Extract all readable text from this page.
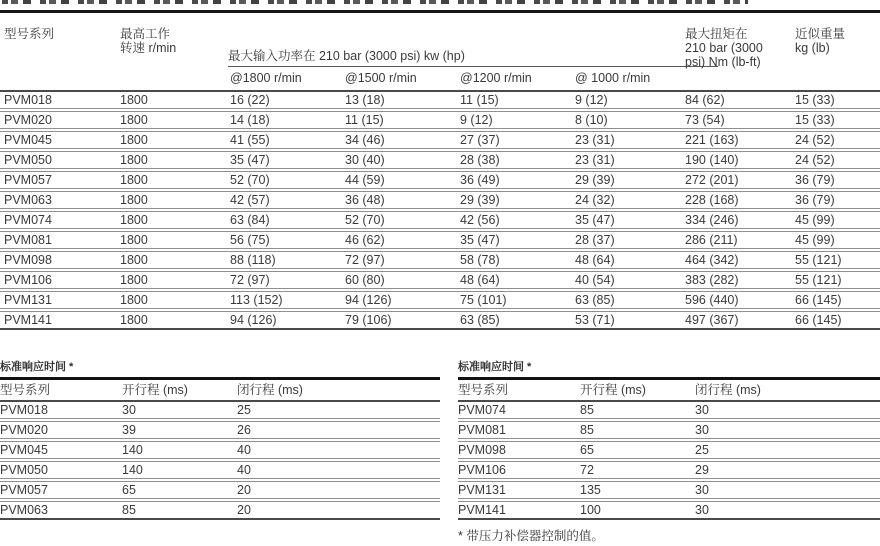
型号系列	最高工作
转速 r/min
最大输入功率在 210 bar (3000 psi) kw (hp)
@1800 r/min	@1500 r/min	@1200 r/min	@ 1000 r/min
最大扭矩在
210 bar (3000
psi) Nm (lb-ft)
近似重量
kg (lb)
PVM018	1800	16 (22)	13 (18)	11 (15)	9 (12)	84 (62)	15 (33)
PVM020	1800	14 (18)	11 (15)	9 (12)	8 (10)	73 (54)	15 (33)
PVM045	1800	41 (55)	34 (46)	27 (37)	23 (31)	221 (163)	24 (52)
PVM050	1800	35 (47)	30 (40)	28 (38)	23 (31)	190 (140)	24 (52)
PVM057	1800	52 (70)	44 (59)	36 (49)	29 (39)	272 (201)	36 (79)
PVM063	1800	42 (57)	36 (48)	29 (39)	24 (32)	228 (168)	36 (79)
PVM074	1800	63 (84)	52 (70)	42 (56)	35 (47)	334 (246)	45 (99)
PVM081	1800	56 (75)	46 (62)	35 (47)	28 (37)	286 (211)	45 (99)
PVM098	1800	88 (118)	72 (97)	58 (78)	48 (64)	464 (342)	55 (121)
PVM106	1800	72 (97)	60 (80)	48 (64)	40 (54)	383 (282)	55 (121)
PVM131	1800	113 (152)	94 (126)	75 (101)	63 (85)	596 (440)	66 (145)
PVM141	1800	94 (126)	79 (106)	63 (85)	53 (71)	497 (367)	66 (145)
标准响应时间 *
型号系列	开行程 (ms)	闭行程 (ms)
PVM018	30	25
PVM020	39	26
PVM045	140	40
PVM050	140	40
PVM057	65	20
PVM063	85	20
标准响应时间 *
型号系列	开行程 (ms)	闭行程 (ms)
PVM074	85	30
PVM081	85	30
PVM098	65	25
PVM106	72	29
PVM131	135	30
PVM141	100	30
* 带压力补偿器控制的值。
